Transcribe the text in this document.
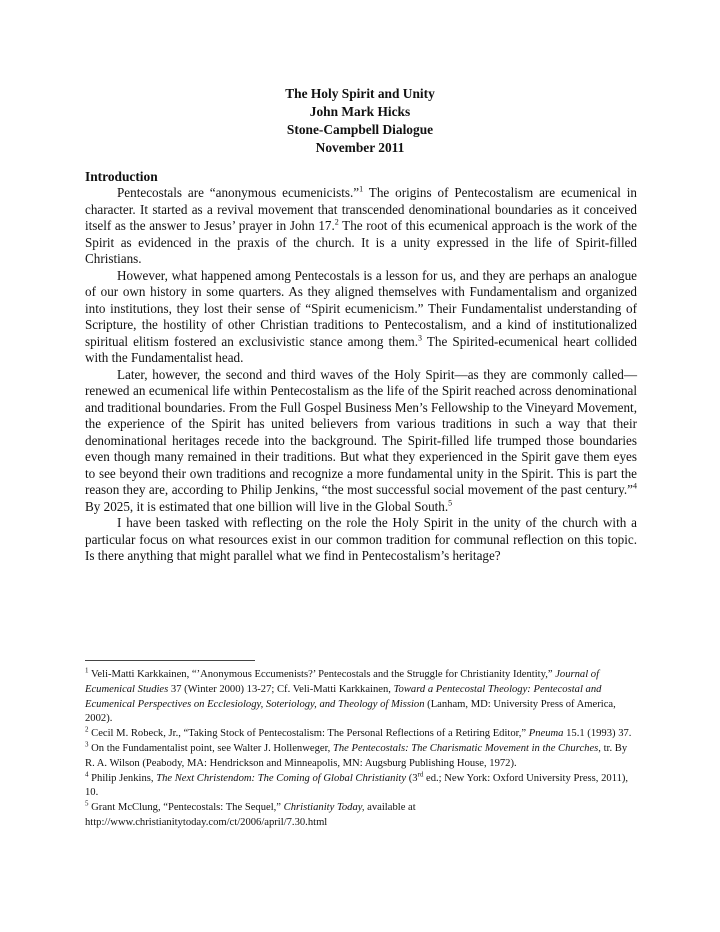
The Holy Spirit and Unity
John Mark Hicks
Stone-Campbell Dialogue
November 2011
Introduction

Pentecostals are “anonymous ecumenicists.”$^1$ The origins of Pentecostalism are ecumenical in character. It started as a revival movement that transcended denominational boundaries as it conceived itself as the answer to Jesus’ prayer in John 17.$^2$ The root of this ecumenical approach is the work of the Spirit as evidenced in the praxis of the church. It is a unity expressed in the life of Spirit-filled Christians.

However, what happened among Pentecostals is a lesson for us, and they are perhaps an analogue of our own history in some quarters. As they aligned themselves with Fundamentalism and organized into institutions, they lost their sense of “Spirit ecumenicism.” Their Fundamentalist understanding of Scripture, the hostility of other Christian traditions to Pentecostalism, and a kind of institutionalized spiritual elitism fostered an exclusivistic stance among them.$^3$ The Spirited-ecumenical heart collided with the Fundamentalist head.

Later, however, the second and third waves of the Holy Spirit—as they are commonly called—renewed an ecumenical life within Pentecostalism as the life of the Spirit reached across denominational and traditional boundaries. From the Full Gospel Business Men’s Fellowship to the Vineyard Movement, the experience of the Spirit has united believers from various traditions in such a way that their denominational heritages recede into the background. The Spirit-filled life trumped those boundaries even though many remained in their traditions. But what they experienced in the Spirit gave them eyes to see beyond their own traditions and recognize a more fundamental unity in the Spirit. This is part the reason they are, according to Philip Jenkins, “the most successful social movement of the past century.”$^4$ By 2025, it is estimated that one billion will live in the Global South.$^5$

I have been tasked with reflecting on the role the Holy Spirit in the unity of the church with a particular focus on what resources exist in our common tradition for communal reflection on this topic. Is there anything that might parallel what we find in Pentecostalism’s heritage?

$^1$ Veli-Matti Karkkainen, “’Anonymous Eccumenists?’ Pentecostals and the Struggle for Christianity Identity,” Journal of Ecumenical Studies 37 (Winter 2000) 13-27; Cf. Veli-Matti Karkkainen, Toward a Pentecostal Theology: Pentecostal and Ecumenical Perspectives on Ecclesiology, Soteriology, and Theology of Mission (Lanham, MD: University Press of America, 2002).
$^2$ Cecil M. Robeck, Jr., “Taking Stock of Pentecostalism: The Personal Reflections of a Retiring Editor,” Pneuma 15.1 (1993) 37.
$^3$ On the Fundamentalist point, see Walter J. Hollenweger, The Pentecostals: The Charismatic Movement in the Churches, tr. By R. A. Wilson (Peabody, MA: Hendrickson and Minneapolis, MN: Augsburg Publishing House, 1972).
$^4$ Philip Jenkins, The Next Christendom: The Coming of Global Christianity (3rd ed.; New York: Oxford University Press, 2011), 10.
$^5$ Grant McClung, “Pentecostals: The Sequel,” Christianity Today, available at http://www.christianitytoday.com/ct/2006/april/7.30.html
